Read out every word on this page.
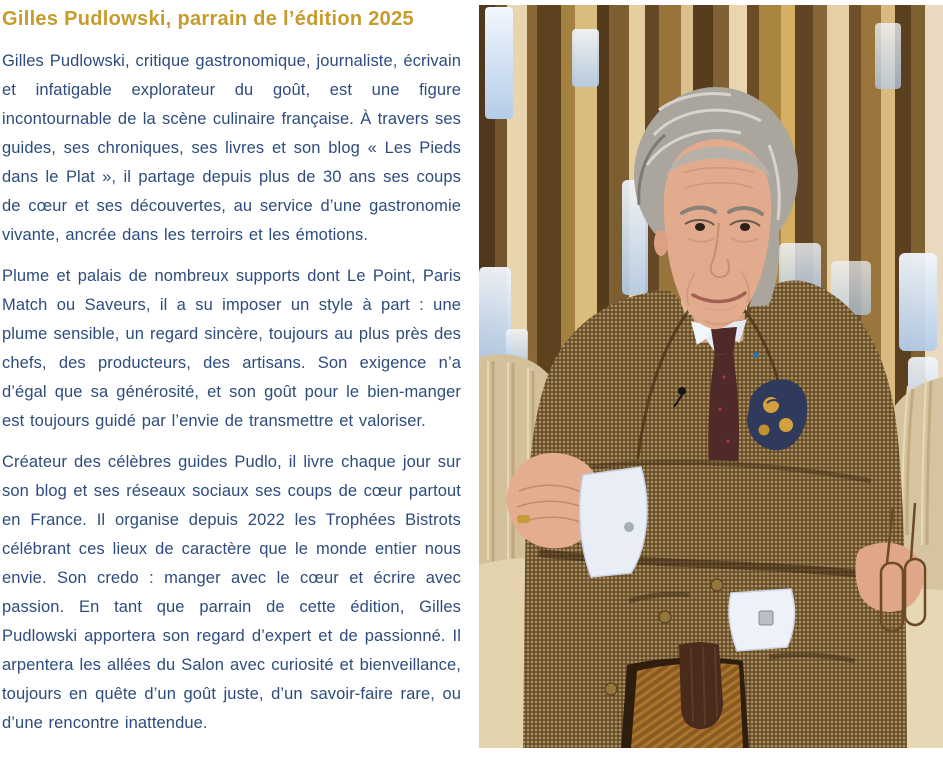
Gilles Pudlowski, parrain de l’édition 2025

Gilles Pudlowski, critique gastronomique, journaliste, écrivain et infatigable explorateur du goût, est une figure incontournable de la scène culinaire française. À travers ses guides, ses chroniques, ses livres et son blog « Les Pieds dans le Plat », il partage depuis plus de 30 ans ses coups de cœur et ses découvertes, au service d’une gastronomie vivante, ancrée dans les terroirs et les émotions.

Plume et palais de nombreux supports dont Le Point, Paris Match ou Saveurs, il a su imposer un style à part : une plume sensible, un regard sincère, toujours au plus près des chefs, des producteurs, des artisans. Son exigence n’a d’égal que sa générosité, et son goût pour le bien-manger est toujours guidé par l’envie de transmettre et valoriser.

Créateur des célèbres guides Pudlo, il livre chaque jour sur son blog et ses réseaux sociaux ses coups de cœur partout en France. Il organise depuis 2022 les Trophées Bistrots célébrant ces lieux de caractère que le monde entier nous envie. Son credo : manger avec le cœur et écrire avec passion. En tant que parrain de cette édition, Gilles Pudlowski apportera son regard d’expert et de passionné. Il arpentera les allées du Salon avec curiosité et bienveillance, toujours en quête d’un goût juste, d’un savoir-faire rare, ou d’une rencontre inattendue.
